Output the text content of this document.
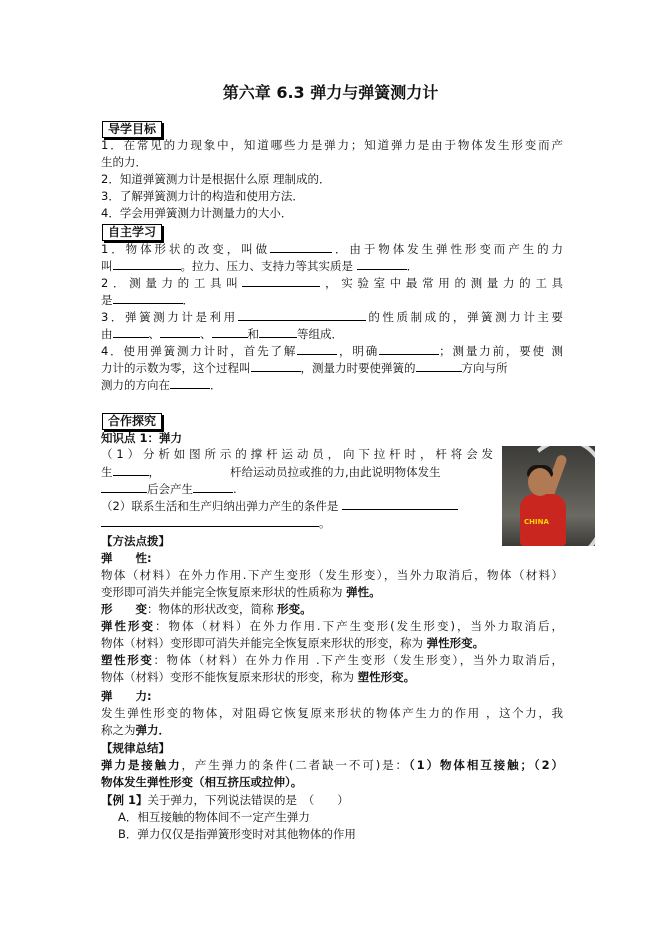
第六章 6.3 弹力与弹簧测力计
导学目标
1．在常见的力现象中，知道哪些力是弹力；知道弹力是由于物体发生形变而产
生的力．
2．知道弹簧测力计是根据什么原 理制成的．
3．了解弹簧测力计的构造和使用方法．
4．学会用弹簧测力计测量力的大小．
自主学习
1．物体形状的改变，叫做	．由于物体发生弹性形变而产生的力
叫	。拉力、压力、支持力等其实质是	．
2．测量力的工具叫	，实验室中最常用的测量力的工具
是	．
3．弹簧测力计是利用	的性质制成的，弹簧测力计主要
由	、	、	和	等组成．
4．使用弹簧测力计时，首先了解	，明确	；测量力前，要使 测
力计的示数为零，这个过程叫	，测量力时要使弹簧的	方向与所
测力的方向在	．
合作探究
知识点 1：弹力
（1）分析如图所示的撑杆运动员，向下拉杆时，杆将会发
生	，	杆给运动员拉或推的力,由此说明物体发生
后会产生	.
（2）联系生活和生产归纳出弹力产生的条件是
。	CHINA
【方法点拨】
弹　　性:
物体（材料）在外力作用.下产生变形（发生形变），当外力取消后，物体（材料）
变形即可消失并能完全恢复原来形状的性质称为 弹性。
形　　变：物体的形状改变，简称 形变。
弹性形变：物体（材料）在外力作用.下产生变形(发生形变)，当外力取消后，
物体（材料）变形即可消失并能完全恢复原来形状的形变，称为 弹性形变。
塑性形变：物体（材料）在外力作用 .下产生变形（发生形变），当外力取消后，
物体（材料）变形不能恢复原来形状的形变，称为 塑性形变。
弹　　力:
发生弹性形变的物体，对阻碍它恢复原来形状的物体产生力的作用 ，这个力，我
称之为弹力．
【规律总结】
弹力是接触力，产生弹力的条件(二者缺一不可)是：（1）物体相互接触；（2）
物体发生弹性形变（相互挤压或拉伸）。
【例 1】关于弹力，下列说法错误的是　（　　）
A．相互接触的物体间不一定产生弹力
B．弹力仅仅是指弹簧形变时对其他物体的作用
